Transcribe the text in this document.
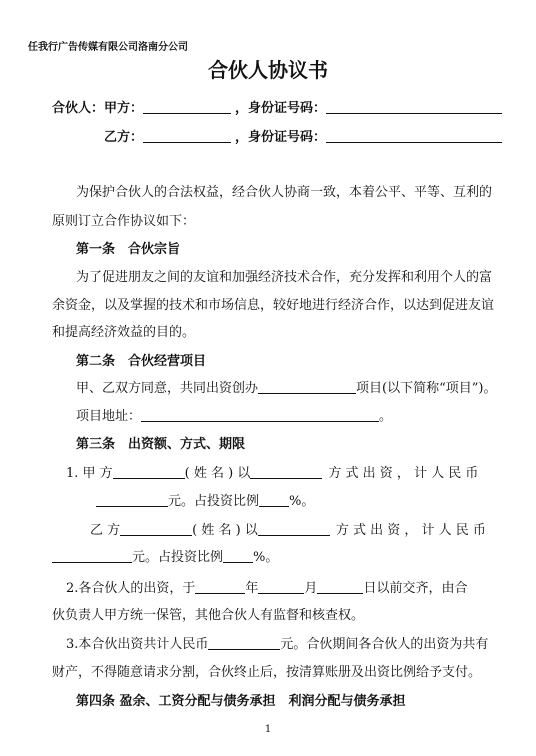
任我行广告传媒有限公司洛南分公司
合伙人协议书
合伙人：甲方：	，身份证号码：
乙方：	，身份证号码：
为保护合伙人的合法权益，经合伙人协商一致，本着公平、平等、互利的
原则订立合作协议如下：
第一条　合伙宗旨
为了促进朋友之间的友谊和加强经济技术合作，充分发挥和利用个人的富
余资金，以及掌握的技术和市场信息，较好地进行经济合作，以达到促进友谊
和提高经济效益的目的。
第二条　合伙经营项目
甲、乙双方同意，共同出资创办	项目(以下简称“项目”)。
项目地址：	。
第三条　出资额、方式、期限
1. 甲 方	( 姓 名 ) 以	方 式 出 资 ， 计 人 民 币
元。占投资比例 %。
乙 方	( 姓 名 ) 以	方 式 出 资 ， 计 人 民 币
元。占投资比例 %。
2.各合伙人的出资，于	年	月	日以前交齐，由合
伙负责人甲方统一保管，其他合伙人有监督和核查权。
3.本合伙出资共计人民币	元。合伙期间各合伙人的出资为共有
财产，不得随意请求分割，合伙终止后，按清算账册及出资比例给予支付。
第四条 盈余、工资分配与债务承担　利润分配与债务承担
1
